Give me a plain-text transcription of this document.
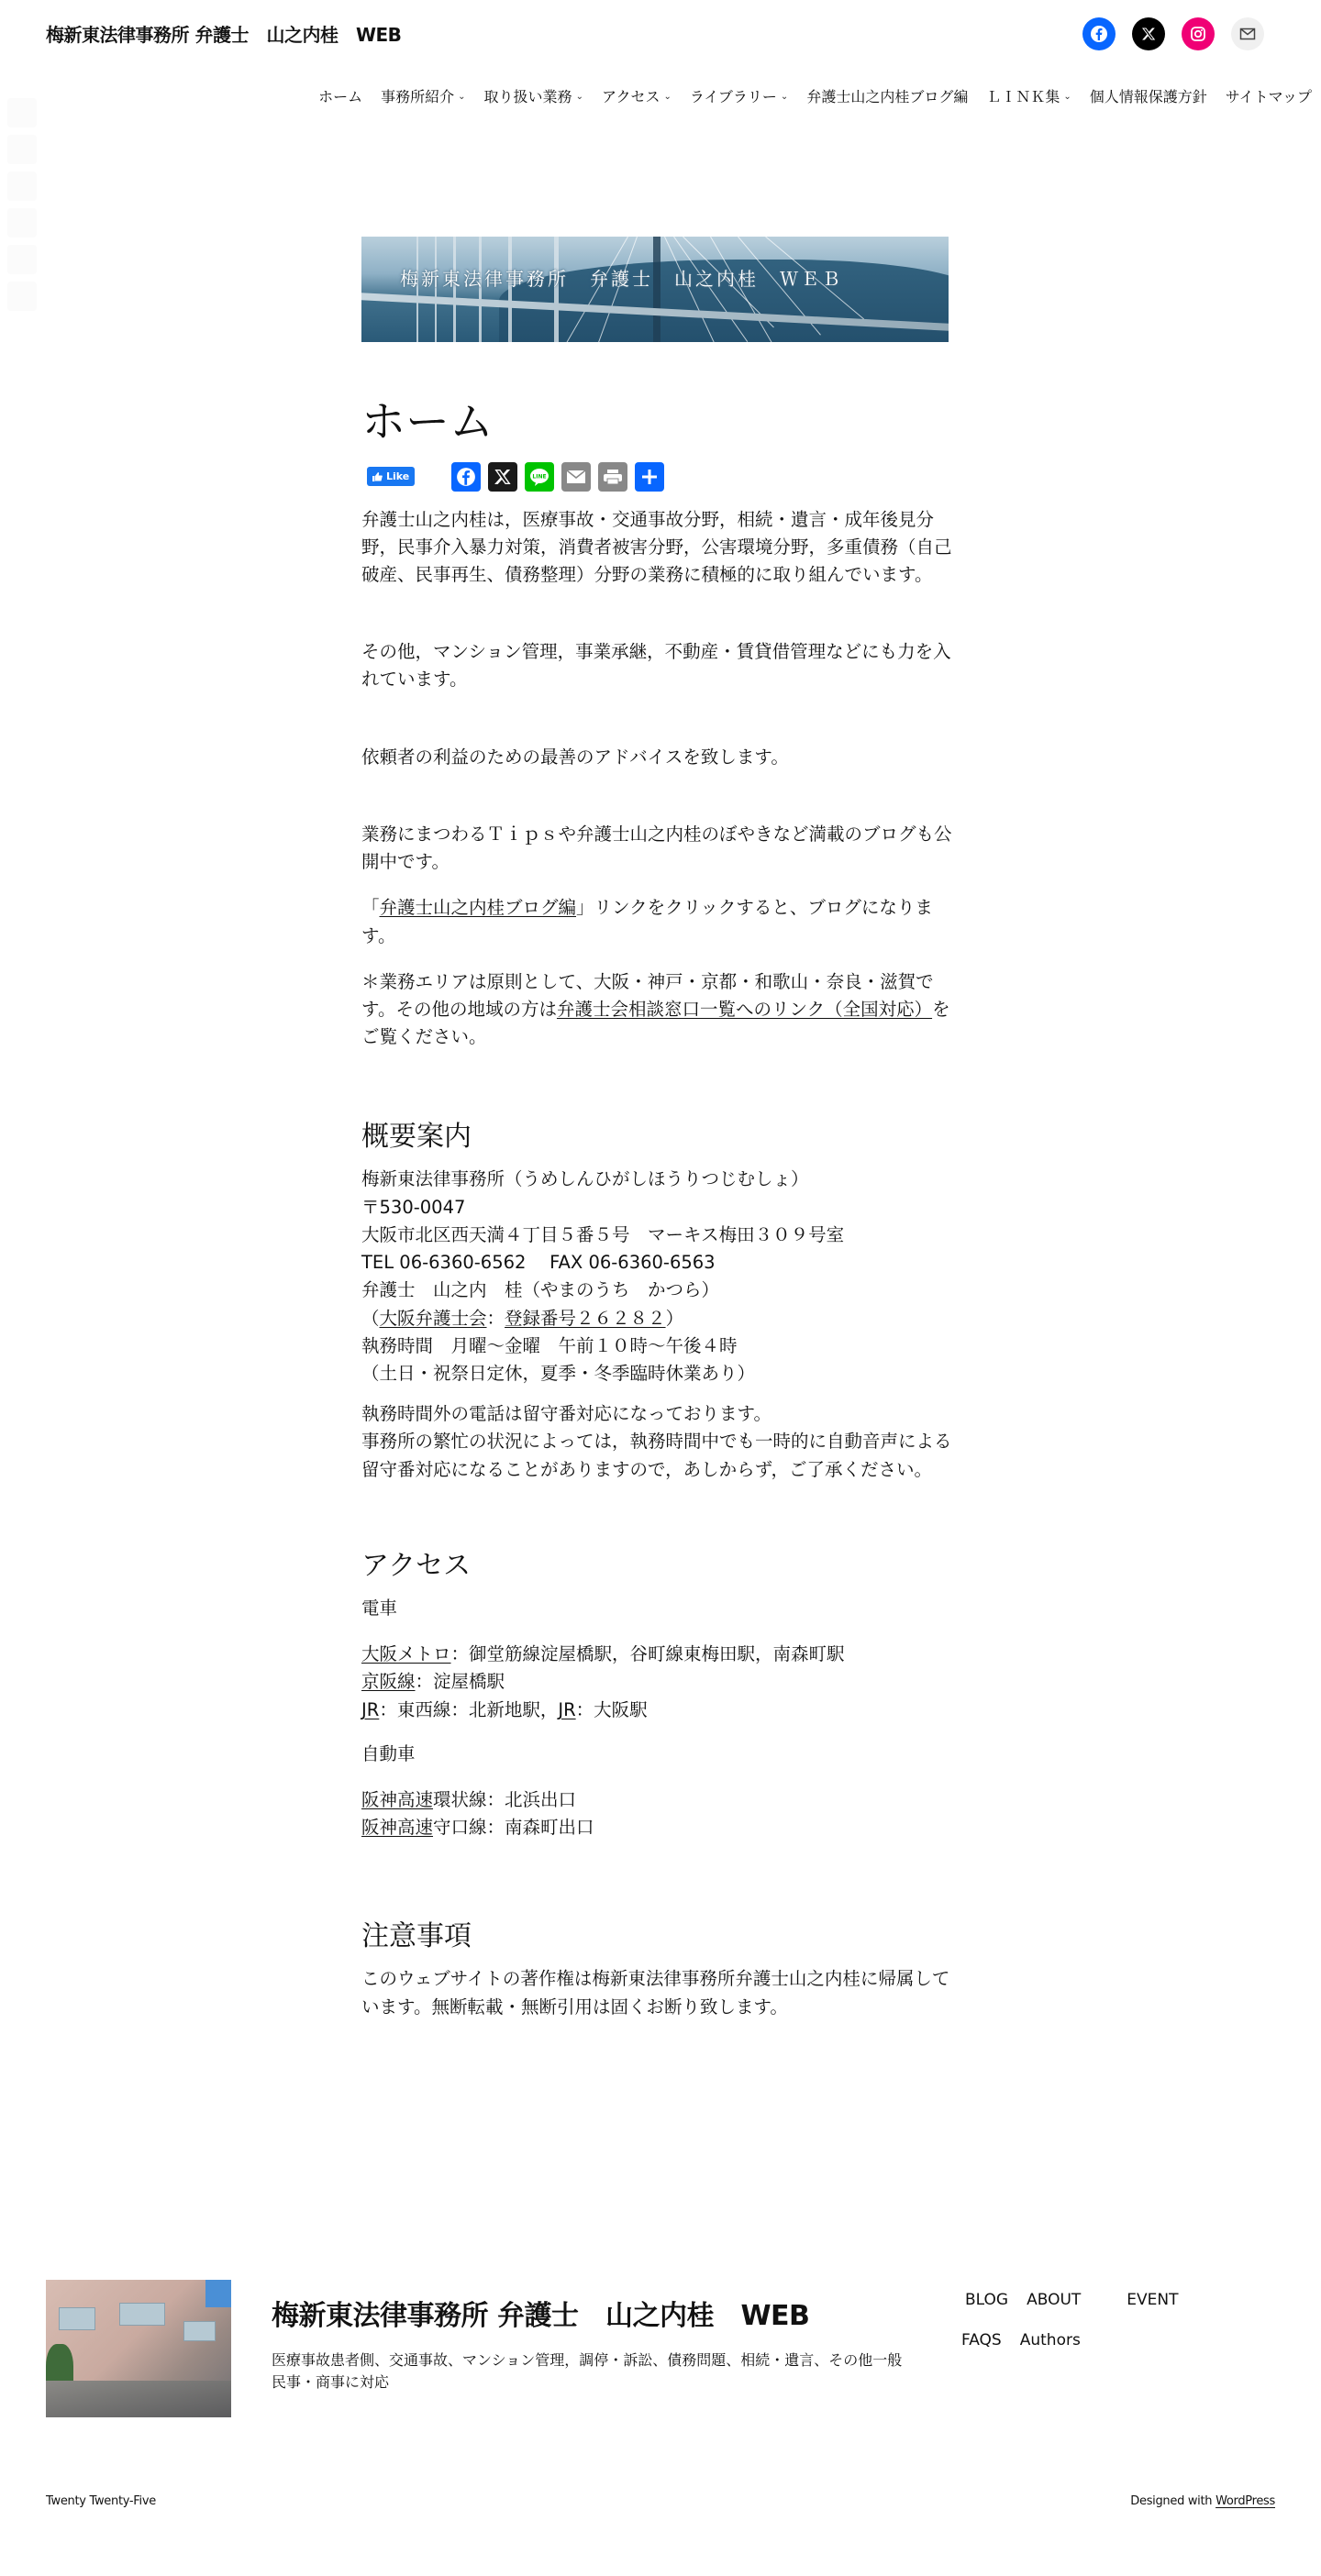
梅新東法律事務所 弁護士　山之内桂　WEB
ホーム 事務所紹介 ⌄ 取り扱い業務 ⌄ アクセス ⌄ ライブラリー ⌄ 弁護士山之内桂ブログ編 ＬＩＮＫ集 ⌄ 個人情報保護方針 サイトマップ
梅新東法律事務所　弁護士　山之内桂　ＷＥＢ
ホーム
Like	LINE

弁護士山之内桂は，医療事故・交通事故分野，相続・遺言・成年後見分野，民事介入暴力対策，消費者被害分野，公害環境分野，多重債務（自己破産、民事再生、債務整理）分野の業務に積極的に取り組んでいます。

その他，マンション管理，事業承継，不動産・賃貸借管理などにも力を入れています。

依頼者の利益のための最善のアドバイスを致します。

業務にまつわるＴｉｐｓや弁護士山之内桂のぼやきなど満載のブログも公開中です。

「弁護士山之内桂ブログ編」リンクをクリックすると、ブログになります。

＊業務エリアは原則として、大阪・神戸・京都・和歌山・奈良・滋賀です。その他の地域の方は弁護士会相談窓口一覧へのリンク（全国対応）をご覧ください。

概要案内
梅新東法律事務所（うめしんひがしほうりつじむしょ）
〒530-0047
大阪市北区西天満４丁目５番５号　マーキス梅田３０９号室
TEL 06-6360-6562　 FAX 06-6360-6563
弁護士　山之内　桂（やまのうち　かつら）
（大阪弁護士会：登録番号２６２８２）
執務時間　月曜〜金曜　午前１０時〜午後４時
（土日・祝祭日定休，夏季・冬季臨時休業あり）
執務時間外の電話は留守番対応になっております。
事務所の繁忙の状況によっては，執務時間中でも一時的に自動音声による留守番対応になることがありますので，あしからず，ご了承ください。
アクセス

電車

大阪メトロ：御堂筋線淀屋橋駅，谷町線東梅田駅，南森町駅
京阪線：淀屋橋駅
JR：東西線：北新地駅，JR：大阪駅

自動車

阪神高速環状線：北浜出口
阪神高速守口線：南森町出口
注意事項

このウェブサイトの著作権は梅新東法律事務所弁護士山之内桂に帰属しています。無断転載・無断引用は固くお断り致します。

梅新東法律事務所 弁護士　山之内桂　WEB
医療事故患者側、交通事故、マンション管理，調停・訴訟、債務問題、相続・遺言、その他一般民事・商事に対応
BLOG ABOUT	EVENT
FAQS Authors
Twenty Twenty-Five	Designed with WordPress
